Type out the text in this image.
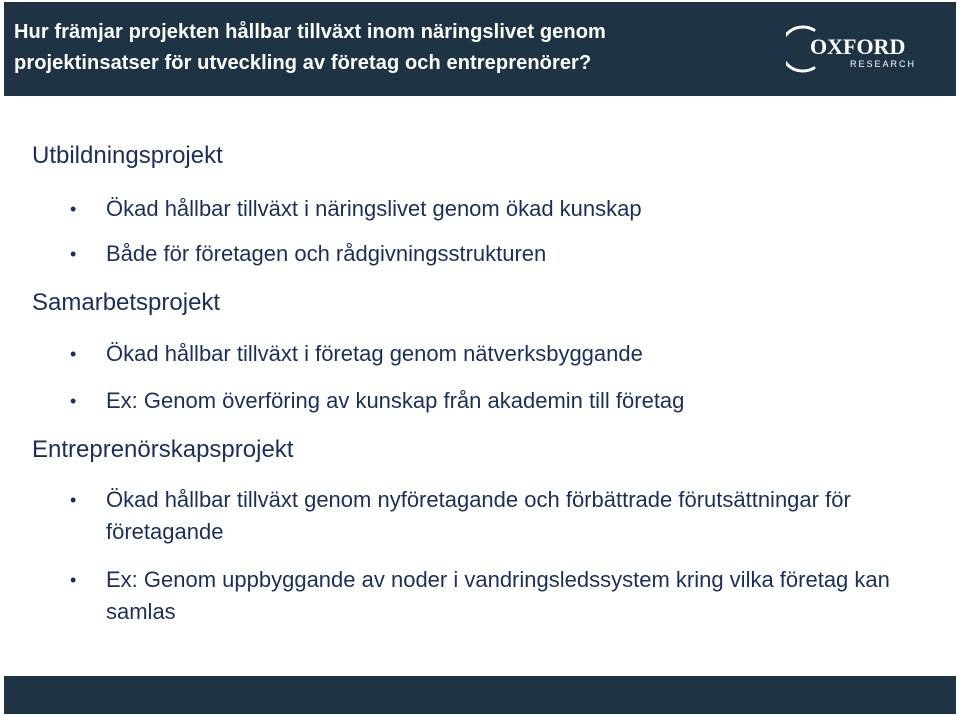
Hur främjar projekten hållbar tillväxt inom näringslivet genom projektinsatser för utveckling av företag och entreprenörer?
OXFORD
RESEARCH
Utbildningsprojekt
• Ökad hållbar tillväxt i näringslivet genom ökad kunskap
• Både för företagen och rådgivningsstrukturen
Samarbetsprojekt
• Ökad hållbar tillväxt i företag genom nätverksbyggande
• Ex: Genom överföring av kunskap från akademin till företag
Entreprenörskapsprojekt
• Ökad hållbar tillväxt genom nyföretagande och förbättrade förutsättningar för företagande
• Ex: Genom uppbyggande av noder i vandringsledssystem kring vilka företag kan samlas
